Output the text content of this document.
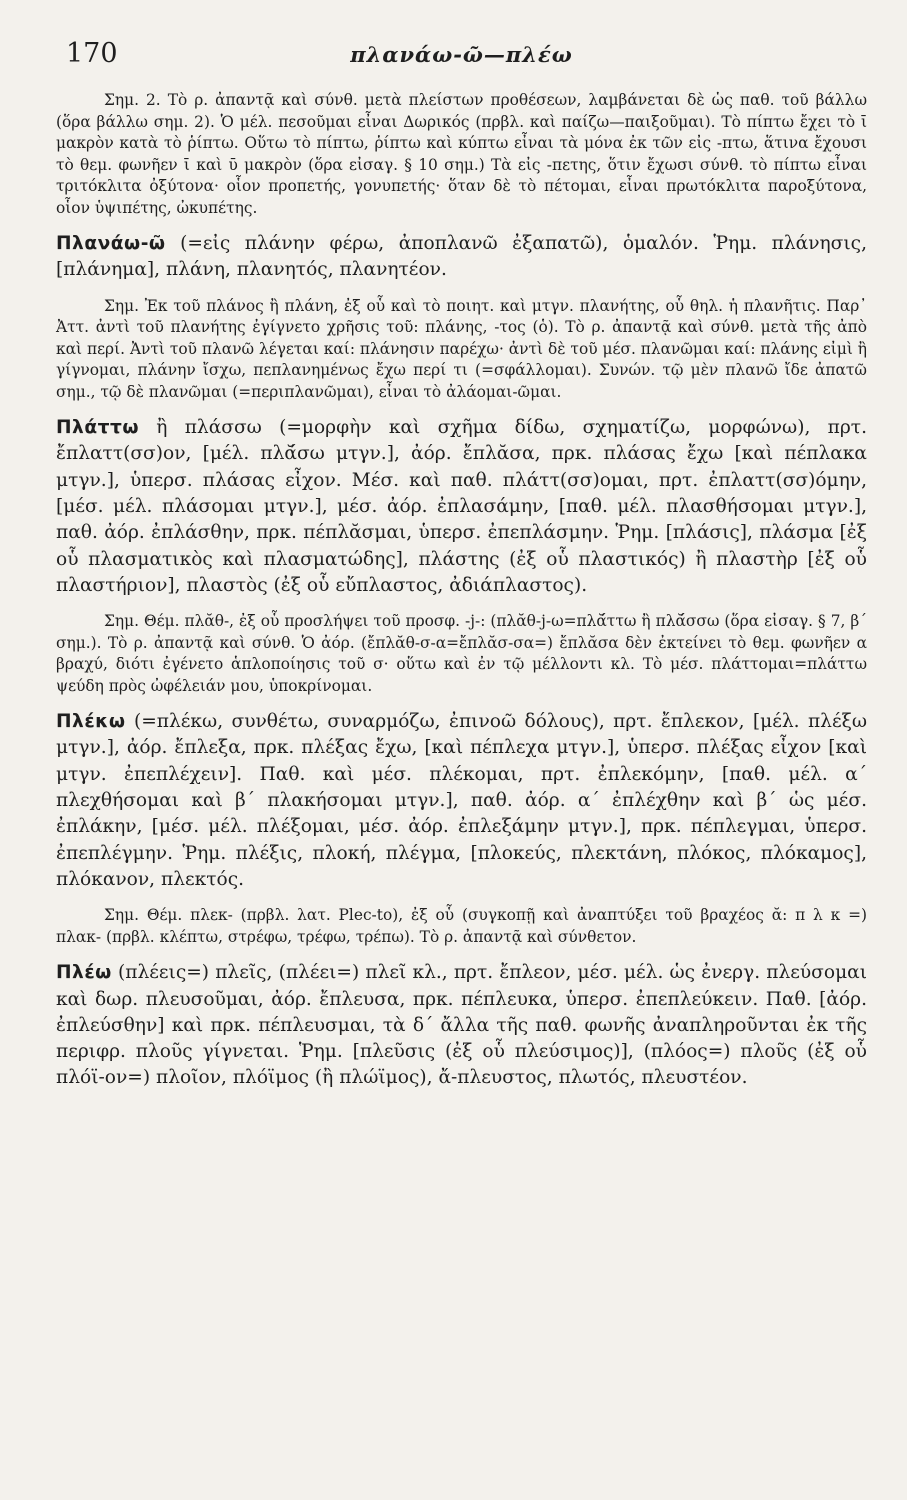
170	πλανάω-ῶ—πλέω

Σημ. 2. Τὸ ρ. ἀπαντᾷ καὶ σύνθ. μετὰ πλείστων προθέσεων, λαμβάνεται δὲ ὡς παθ. τοῦ βάλλω (ὅρα βάλλω σημ. 2). Ὁ μέλ. πεσοῦμαι εἶναι Δωρικός (πρβλ. καὶ παίζω—παιξοῦμαι). Τὸ πίπτω ἔχει τὸ ῑ μακρὸν κατὰ τὸ ῥίπτω. Οὕτω τὸ πίπτω, ῥίπτω καὶ κύπτω εἶναι τὰ μόνα ἐκ τῶν εἰς -πτω, ἅτινα ἔχουσι τὸ θεμ. φωνῆεν ῑ καὶ ῡ μακρὸν (ὅρα εἰσαγ. § 10 σημ.) Τὰ εἰς -πετης, ὅτιν ἔχωσι σύνθ. τὸ πίπτω εἶναι τριτόκλιτα ὀξύτονα· οἷον προπετής, γονυπετής· ὅταν δὲ τὸ πέτομαι, εἶναι πρωτόκλιτα παροξύτονα, οἷον ὑψιπέτης, ὠκυπέτης.

Πλανάω-ῶ (=εἰς πλάνην φέρω, ἀποπλανῶ ἐξαπατῶ), ὁμαλόν. Ῥημ. πλάνησις, [πλάνημα], πλάνη, πλανητός, πλανητέον.

Σημ. Ἐκ τοῦ πλάνος ἢ πλάνη, ἐξ οὗ καὶ τὸ ποιητ. καὶ μτγν. πλανήτης, οὗ θηλ. ἡ πλανῆτις. Παρ᾽ Ἀττ. ἀντὶ τοῦ πλανήτης ἐγίγνετο χρῆσις τοῦ: πλάνης, -τος (ὁ). Τὸ ρ. ἀπαντᾷ καὶ σύνθ. μετὰ τῆς ἀπὸ καὶ περί. Ἀντὶ τοῦ πλανῶ λέγεται καί: πλάνησιν παρέχω· ἀντὶ δὲ τοῦ μέσ. πλανῶμαι καί: πλάνης εἰμὶ ἢ γίγνομαι, πλάνην ἴσχω, πεπλανημένως ἔχω περί τι (=σφάλλομαι). Συνών. τῷ μὲν πλανῶ ἴδε ἀπατῶ σημ., τῷ δὲ πλανῶμαι (=περιπλανῶμαι), εἶναι τὸ ἀλάομαι-ῶμαι.

Πλάττω ἢ πλάσσω (=μορφὴν καὶ σχῆμα δίδω, σχηματίζω, μορφώνω), πρτ. ἔπλαττ(σσ)ον, [μέλ. πλᾰ́σω μτγν.], ἀόρ. ἔπλᾰσα, πρκ. πλάσας ἔχω [καὶ πέπλακα μτγν.], ὑπερσ. πλάσας εἶχον. Μέσ. καὶ παθ. πλάττ(σσ)ομαι, πρτ. ἐπλαττ(σσ)όμην, [μέσ. μέλ. πλάσομαι μτγν.], μέσ. ἀόρ. ἐπλασάμην, [παθ. μέλ. πλασθήσομαι μτγν.], παθ. ἀόρ. ἐπλάσθην, πρκ. πέπλᾰσμαι, ὑπερσ. ἐπεπλάσμην. Ῥημ. [πλάσις], πλάσμα [ἐξ οὗ πλασματικὸς καὶ πλασματώδης], πλάστης (ἐξ οὗ πλαστικός) ἢ πλαστὴρ [ἐξ οὗ πλαστήριον], πλαστὸς (ἐξ οὗ εὔπλαστος, ἀδιάπλαστος).

Σημ. Θέμ. πλᾰθ-, ἐξ οὗ προσλήψει τοῦ προσφ. -j-: (πλᾰθ-j-ω=πλᾰ́ττω ἢ πλᾰ́σσω (ὅρα εἰσαγ. § 7, β΄ σημ.). Τὸ ρ. ἀπαντᾷ καὶ σύνθ. Ὁ ἀόρ. (ἔπλᾰθ-σ-α=ἔπλᾰσ-σα=) ἔπλᾰσα δὲν ἐκτείνει τὸ θεμ. φωνῆεν α βραχύ, διότι ἐγένετο ἁπλοποίησις τοῦ σ· οὕτω καὶ ἐν τῷ μέλλοντι κλ. Τὸ μέσ. πλάττομαι=πλάττω ψεύδη πρὸς ὠφέλειάν μου, ὑποκρίνομαι.

Πλέκω (=πλέκω, συνθέτω, συναρμόζω, ἐπινοῶ δόλους), πρτ. ἔπλεκον, [μέλ. πλέξω μτγν.], ἀόρ. ἔπλεξα, πρκ. πλέξας ἔχω, [καὶ πέπλεχα μτγν.], ὑπερσ. πλέξας εἶχον [καὶ μτγν. ἐπεπλέχειν]. Παθ. καὶ μέσ. πλέκομαι, πρτ. ἐπλεκόμην, [παθ. μέλ. α΄ πλεχθήσομαι καὶ β΄ πλακήσομαι μτγν.], παθ. ἀόρ. α΄ ἐπλέχθην καὶ β΄ ὡς μέσ. ἐπλάκην, [μέσ. μέλ. πλέξομαι, μέσ. ἀόρ. ἐπλεξάμην μτγν.], πρκ. πέπλεγμαι, ὑπερσ. ἐπεπλέγμην. Ῥημ. πλέξις, πλοκή, πλέγμα, [πλοκεύς, πλεκτάνη, πλόκος, πλόκαμος], πλόκανον, πλεκτός.

Σημ. Θέμ. πλεκ- (πρβλ. λατ. Plec-to), ἐξ οὗ (συγκοπῇ καὶ ἀναπτύξει τοῦ βραχέος ᾰ: π λ κ =) πλακ- (πρβλ. κλέπτω, στρέφω, τρέφω, τρέπω). Τὸ ρ. ἀπαντᾷ καὶ σύνθετον.

Πλέω (πλέεις=) πλεῖς, (πλέει=) πλεῖ κλ., πρτ. ἔπλεον, μέσ. μέλ. ὡς ἐνεργ. πλεύσομαι καὶ δωρ. πλευσοῦμαι, ἀόρ. ἔπλευσα, πρκ. πέπλευκα, ὑπερσ. ἐπεπλεύκειν. Παθ. [ἀόρ. ἐπλεύσθην] καὶ πρκ. πέπλευσμαι, τὰ δ΄ ἄλλα τῆς παθ. φωνῆς ἀναπληροῦνται ἐκ τῆς περιφρ. πλοῦς γίγνεται. Ῥημ. [πλεῦσις (ἐξ οὗ πλεύσιμος)], (πλόος=) πλοῦς (ἐξ οὗ πλόϊ-ον=) πλοῖον, πλόϊμος (ἢ πλώϊμος), ἄ-πλευστος, πλωτός, πλευστέον.
